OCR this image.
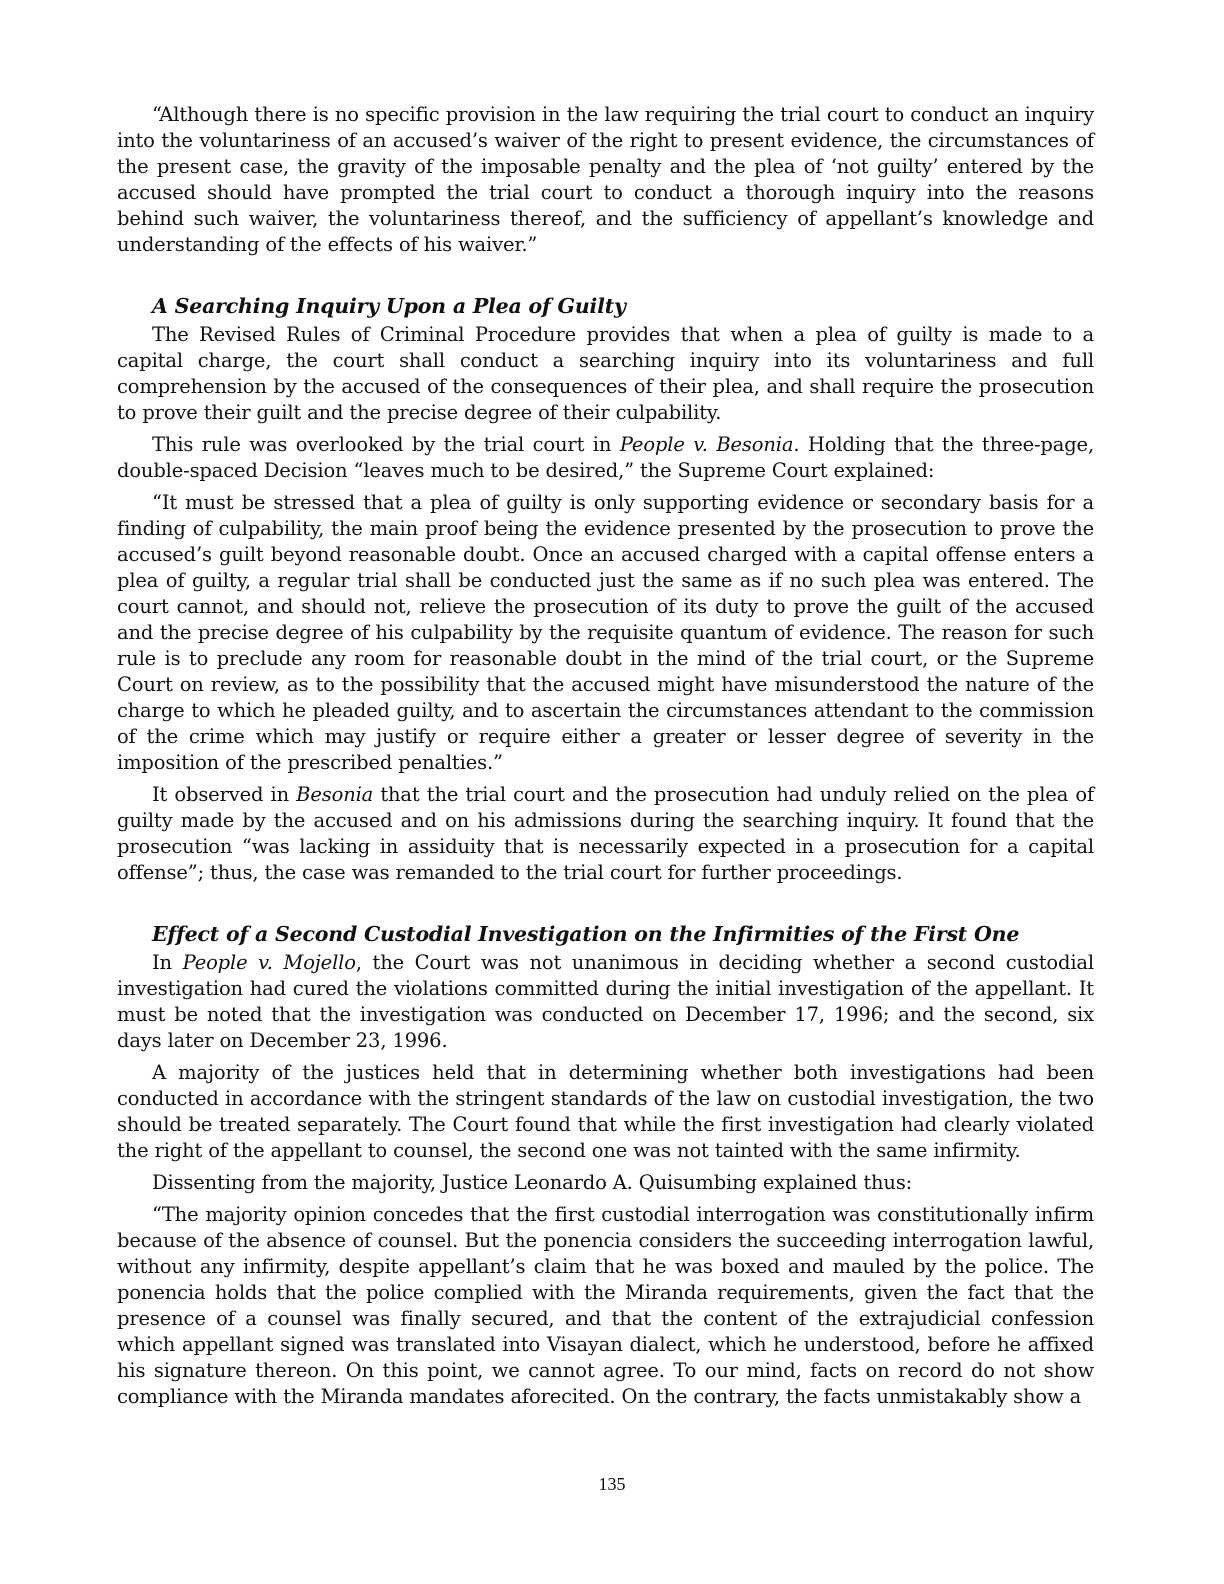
“Although there is no specific provision in the law requiring the trial court to conduct an inquiry into the voluntariness of an accused’s waiver of the right to present evidence, the circumstances of the present case, the gravity of the imposable penalty and the plea of ‘not guilty’ entered by the accused should have prompted the trial court to conduct a thorough inquiry into the reasons behind such waiver, the voluntariness thereof, and the sufficiency of appellant’s knowledge and understanding of the effects of his waiver.”

A Searching Inquiry Upon a Plea of Guilty

The Revised Rules of Criminal Procedure provides that when a plea of guilty is made to a capital charge, the court shall conduct a searching inquiry into its voluntariness and full comprehension by the accused of the consequences of their plea, and shall require the prosecution to prove their guilt and the precise degree of their culpability.

This rule was overlooked by the trial court in People v. Besonia. Holding that the three-page, double-spaced Decision “leaves much to be desired,” the Supreme Court explained:

“It must be stressed that a plea of guilty is only supporting evidence or secondary basis for a finding of culpability, the main proof being the evidence presented by the prosecution to prove the accused’s guilt beyond reasonable doubt. Once an accused charged with a capital offense enters a plea of guilty, a regular trial shall be conducted just the same as if no such plea was entered. The court cannot, and should not, relieve the prosecution of its duty to prove the guilt of the accused and the precise degree of his culpability by the requisite quantum of evidence. The reason for such rule is to preclude any room for reasonable doubt in the mind of the trial court, or the Supreme Court on review, as to the possibility that the accused might have misunderstood the nature of the charge to which he pleaded guilty, and to ascertain the circumstances attendant to the commission of the crime which may justify or require either a greater or lesser degree of severity in the imposition of the prescribed penalties.”

It observed in Besonia that the trial court and the prosecution had unduly relied on the plea of guilty made by the accused and on his admissions during the searching inquiry. It found that the prosecution “was lacking in assiduity that is necessarily expected in a prosecution for a capital offense”; thus, the case was remanded to the trial court for further proceedings.

Effect of a Second Custodial Investigation on the Infirmities of the First One

In People v. Mojello, the Court was not unanimous in deciding whether a second custodial investigation had cured the violations committed during the initial investigation of the appellant. It must be noted that the investigation was conducted on December 17, 1996; and the second, six days later on December 23, 1996.

A majority of the justices held that in determining whether both investigations had been conducted in accordance with the stringent standards of the law on custodial investigation, the two should be treated separately. The Court found that while the first investigation had clearly violated the right of the appellant to counsel, the second one was not tainted with the same infirmity.

Dissenting from the majority, Justice Leonardo A. Quisumbing explained thus:

“The majority opinion concedes that the first custodial interrogation was constitutionally infirm because of the absence of counsel. But the ponencia considers the succeeding interrogation lawful, without any infirmity, despite appellant’s claim that he was boxed and mauled by the police. The ponencia holds that the police complied with the Miranda requirements, given the fact that the presence of a counsel was finally secured, and that the content of the extrajudicial confession which appellant signed was translated into Visayan dialect, which he understood, before he affixed his signature thereon. On this point, we cannot agree. To our mind, facts on record do not show compliance with the Miranda mandates aforecited. On the contrary, the facts unmistakably show a

135
